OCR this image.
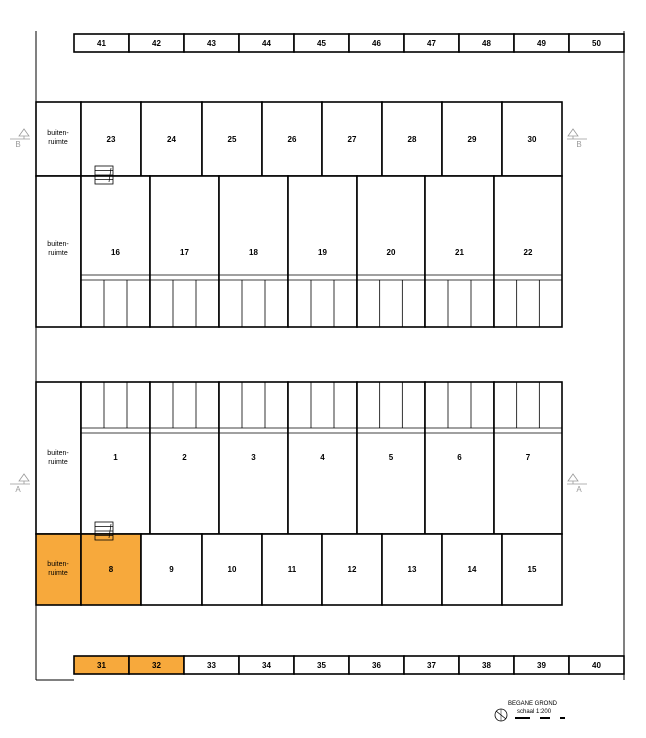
41	42	43	44	45	46	47	48	49	50
31	32	33	34	35	36	37	38	39	40
buiten-
ruimte	23	24	25	26	27	28	29	30
buiten-
ruimte	16	17	18	19	20	21	22
buiten-
ruimte
1	2	3	4	5	6	7
buiten-
ruimte	8	9	10	11	12	13	14	15
B	B
A	A
BEGANE GROND
schaal 1:200
